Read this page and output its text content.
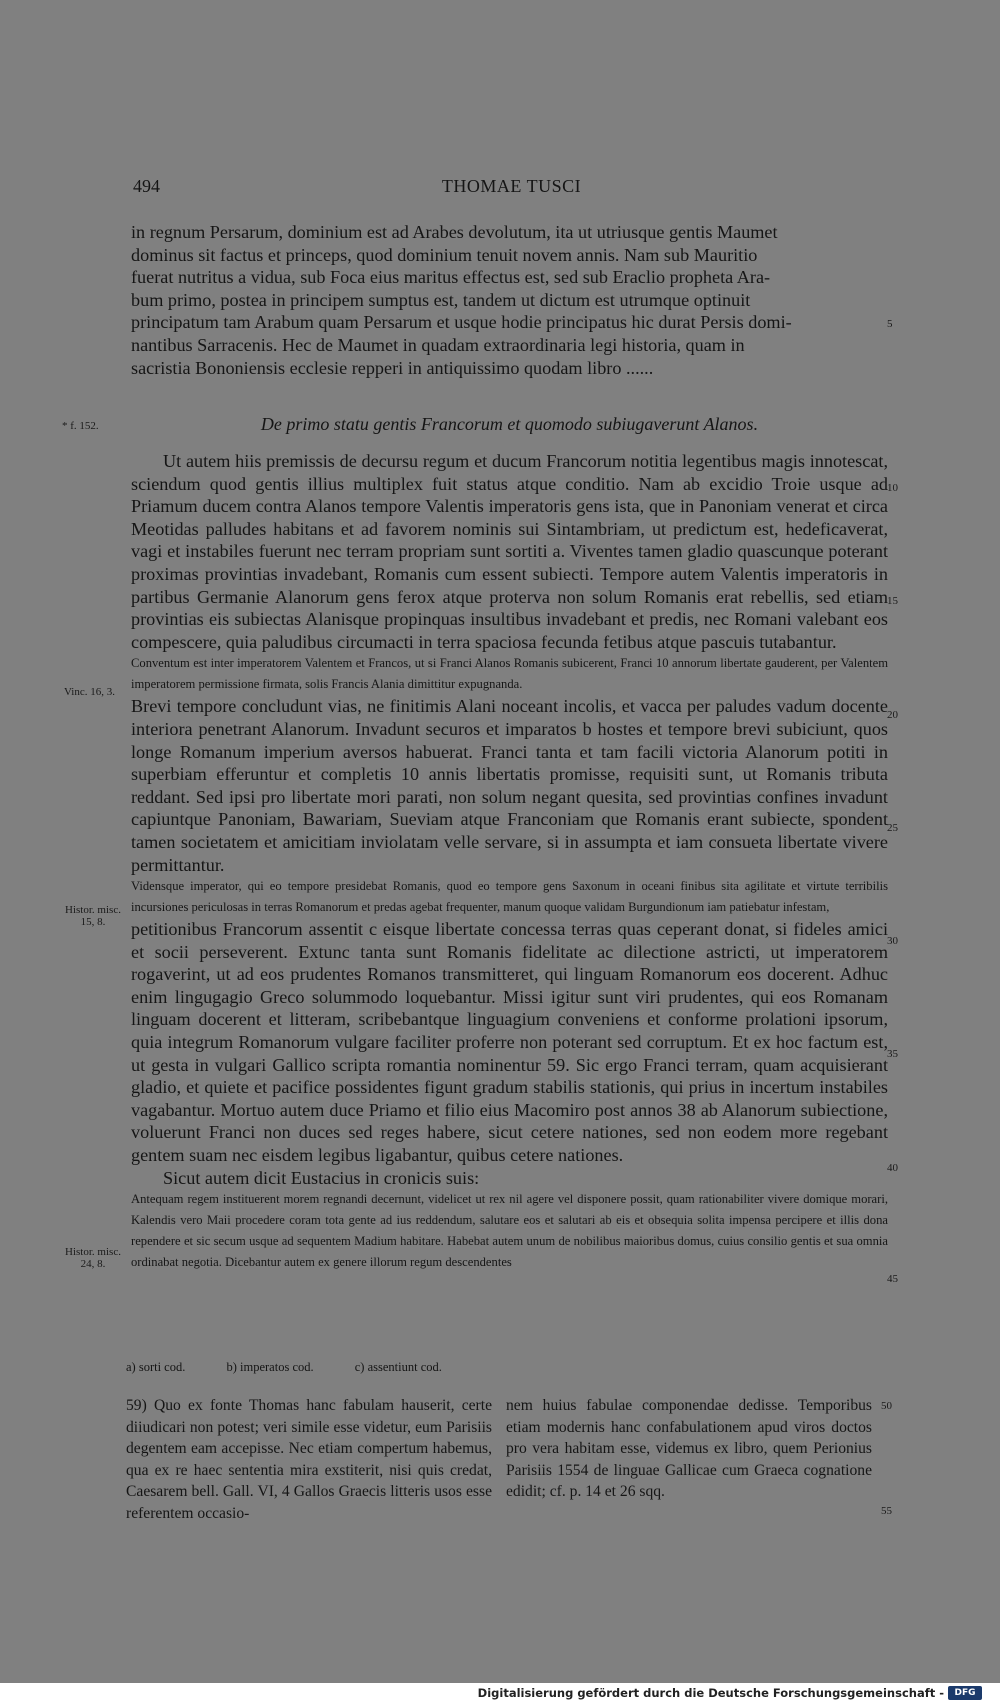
494	THOMAE TUSCI

in regnum Persarum, dominium est ad Arabes devolutum, ita ut utriusque gentis Maumet

dominus sit factus et princeps, quod dominium tenuit novem annis. Nam sub Mauritio

fuerat nutritus a vidua, sub Foca eius maritus effectus est, sed sub Eraclio propheta Ara-

bum primo, postea in principem sumptus est, tandem ut dictum est utrumque optinuit

principatum tam Arabum quam Persarum et usque hodie principatus hic durat Persis domi-

nantibus Sarracenis. Hec de Maumet in quadam extraordinaria legi historia, quam in

sacristia Bononiensis ecclesie repperi in antiquissimo quodam libro ......

* f. 152.	De primo statu gentis Francorum et quomodo subiugaverunt Alanos.

Ut autem hiis premissis de decursu regum et ducum Francorum notitia legentibus magis innotescat, sciendum quod gentis illius multiplex fuit status atque conditio. Nam ab excidio Troie usque ad Priamum ducem contra Alanos tempore Valentis imperatoris gens ista, que in Panoniam venerat et circa Meotidas palludes habitans et ad favorem nominis sui Sintambriam, ut predictum est, hedeficaverat, vagi et instabiles fuerunt nec terram propriam sunt sortiti a. Viventes tamen gladio quascunque poterant proximas provintias invadebant, Romanis cum essent subiecti. Tempore autem Valentis imperatoris in partibus Germanie Alanorum gens ferox atque proterva non solum Romanis erat rebellis, sed etiam provintias eis subiectas Alanisque propinquas insultibus invadebant et predis, nec Romani valebant eos compescere, quia paludibus circumacti in terra spaciosa fecunda fetibus atque pascuis tutabantur.

Conventum est inter imperatorem Valentem et Francos, ut si Franci Alanos Romanis subicerent, Franci 10 annorum libertate gauderent, per Valentem imperatorem permissione firmata, solis Francis Alania dimittitur expugnanda.

Brevi tempore concludunt vias, ne finitimis Alani noceant incolis, et vacca per paludes vadum docente interiora penetrant Alanorum. Invadunt securos et imparatos b hostes et tempore brevi subiciunt, quos longe Romanum imperium aversos habuerat. Franci tanta et tam facili victoria Alanorum potiti in superbiam efferuntur et completis 10 annis libertatis promisse, requisiti sunt, ut Romanis tributa reddant. Sed ipsi pro libertate mori parati, non solum negant quesita, sed provintias confines invadunt capiuntque Panoniam, Bawariam, Sueviam atque Franconiam que Romanis erant subiecte, spondent tamen societatem et amicitiam inviolatam velle servare, si in assumpta et iam consueta libertate vivere permittantur.

Vidensque imperator, qui eo tempore presidebat Romanis, quod eo tempore gens Saxonum in oceani finibus sita agilitate et virtute terribilis incursiones periculosas in terras Romanorum et predas agebat frequenter, manum quoque validam Burgundionum iam patiebatur infestam,

petitionibus Francorum assentit c eisque libertate concessa terras quas ceperant donat, si fideles amici et socii perseverent. Extunc tanta sunt Romanis fidelitate ac dilectione astricti, ut imperatorem rogaverint, ut ad eos prudentes Romanos transmitteret, qui linguam Romanorum eos docerent. Adhuc enim lingugagio Greco solummodo loquebantur. Missi igitur sunt viri prudentes, qui eos Romanam linguam docerent et litteram, scribebantque linguagium conveniens et conforme prolationi ipsorum, quia integrum Romanorum vulgare faciliter proferre non poterant sed corruptum. Et ex hoc factum est, ut gesta in vulgari Gallico scripta romantia nominentur 59. Sic ergo Franci terram, quam acquisierant gladio, et quiete et pacifice possidentes figunt gradum stabilis stationis, qui prius in incertum instabiles vagabantur. Mortuo autem duce Priamo et filio eius Macomiro post annos 38 ab Alanorum subiectione, voluerunt Franci non duces sed reges habere, sicut cetere nationes, sed non eodem more regebant gentem suam nec eisdem legibus ligabantur, quibus cetere nationes.

Sicut autem dicit Eustacius in cronicis suis:

Antequam regem instituerent morem regnandi decernunt, videlicet ut rex nil agere vel disponere possit, quam rationabiliter vivere domique morari, Kalendis vero Maii procedere coram tota gente ad ius reddendum, salutare eos et salutari ab eis et obsequia solita impensa percipere et illis dona rependere et sic secum usque ad sequentem Madium habitare. Habebat autem unum de nobilibus maioribus domus, cuius consilio gentis et sua omnia ordinabat negotia. Dicebantur autem ex genere illorum regum descendentes

Vinc. 16, 3.
Histor. misc. 15, 8.
Histor. misc. 24, 8.
5
10
15
20
25
30
35
40
45
50
55
a) sorti cod.	b) imperatos cod.	c) assentiunt cod.
59) Quo ex fonte Thomas hanc fabulam hauserit, certe diiudicari non potest; veri simile esse videtur, eum Parisiis degentem eam accepisse. Nec etiam compertum habemus, qua ex re haec sententia mira exstiterit, nisi quis credat, Caesarem bell. Gall. VI, 4 Gallos Graecis litteris usos esse referentem occasio-
nem huius fabulae componendae dedisse. Temporibus etiam modernis hanc confabulationem apud viros doctos pro vera habitam esse, videmus ex libro, quem Perionius Parisiis 1554 de linguae Gallicae cum Graeca cognatione edidit; cf. p. 14 et 26 sqq.
Digitalisierung gefördert durch die Deutsche Forschungsgemeinschaft -	DFG
